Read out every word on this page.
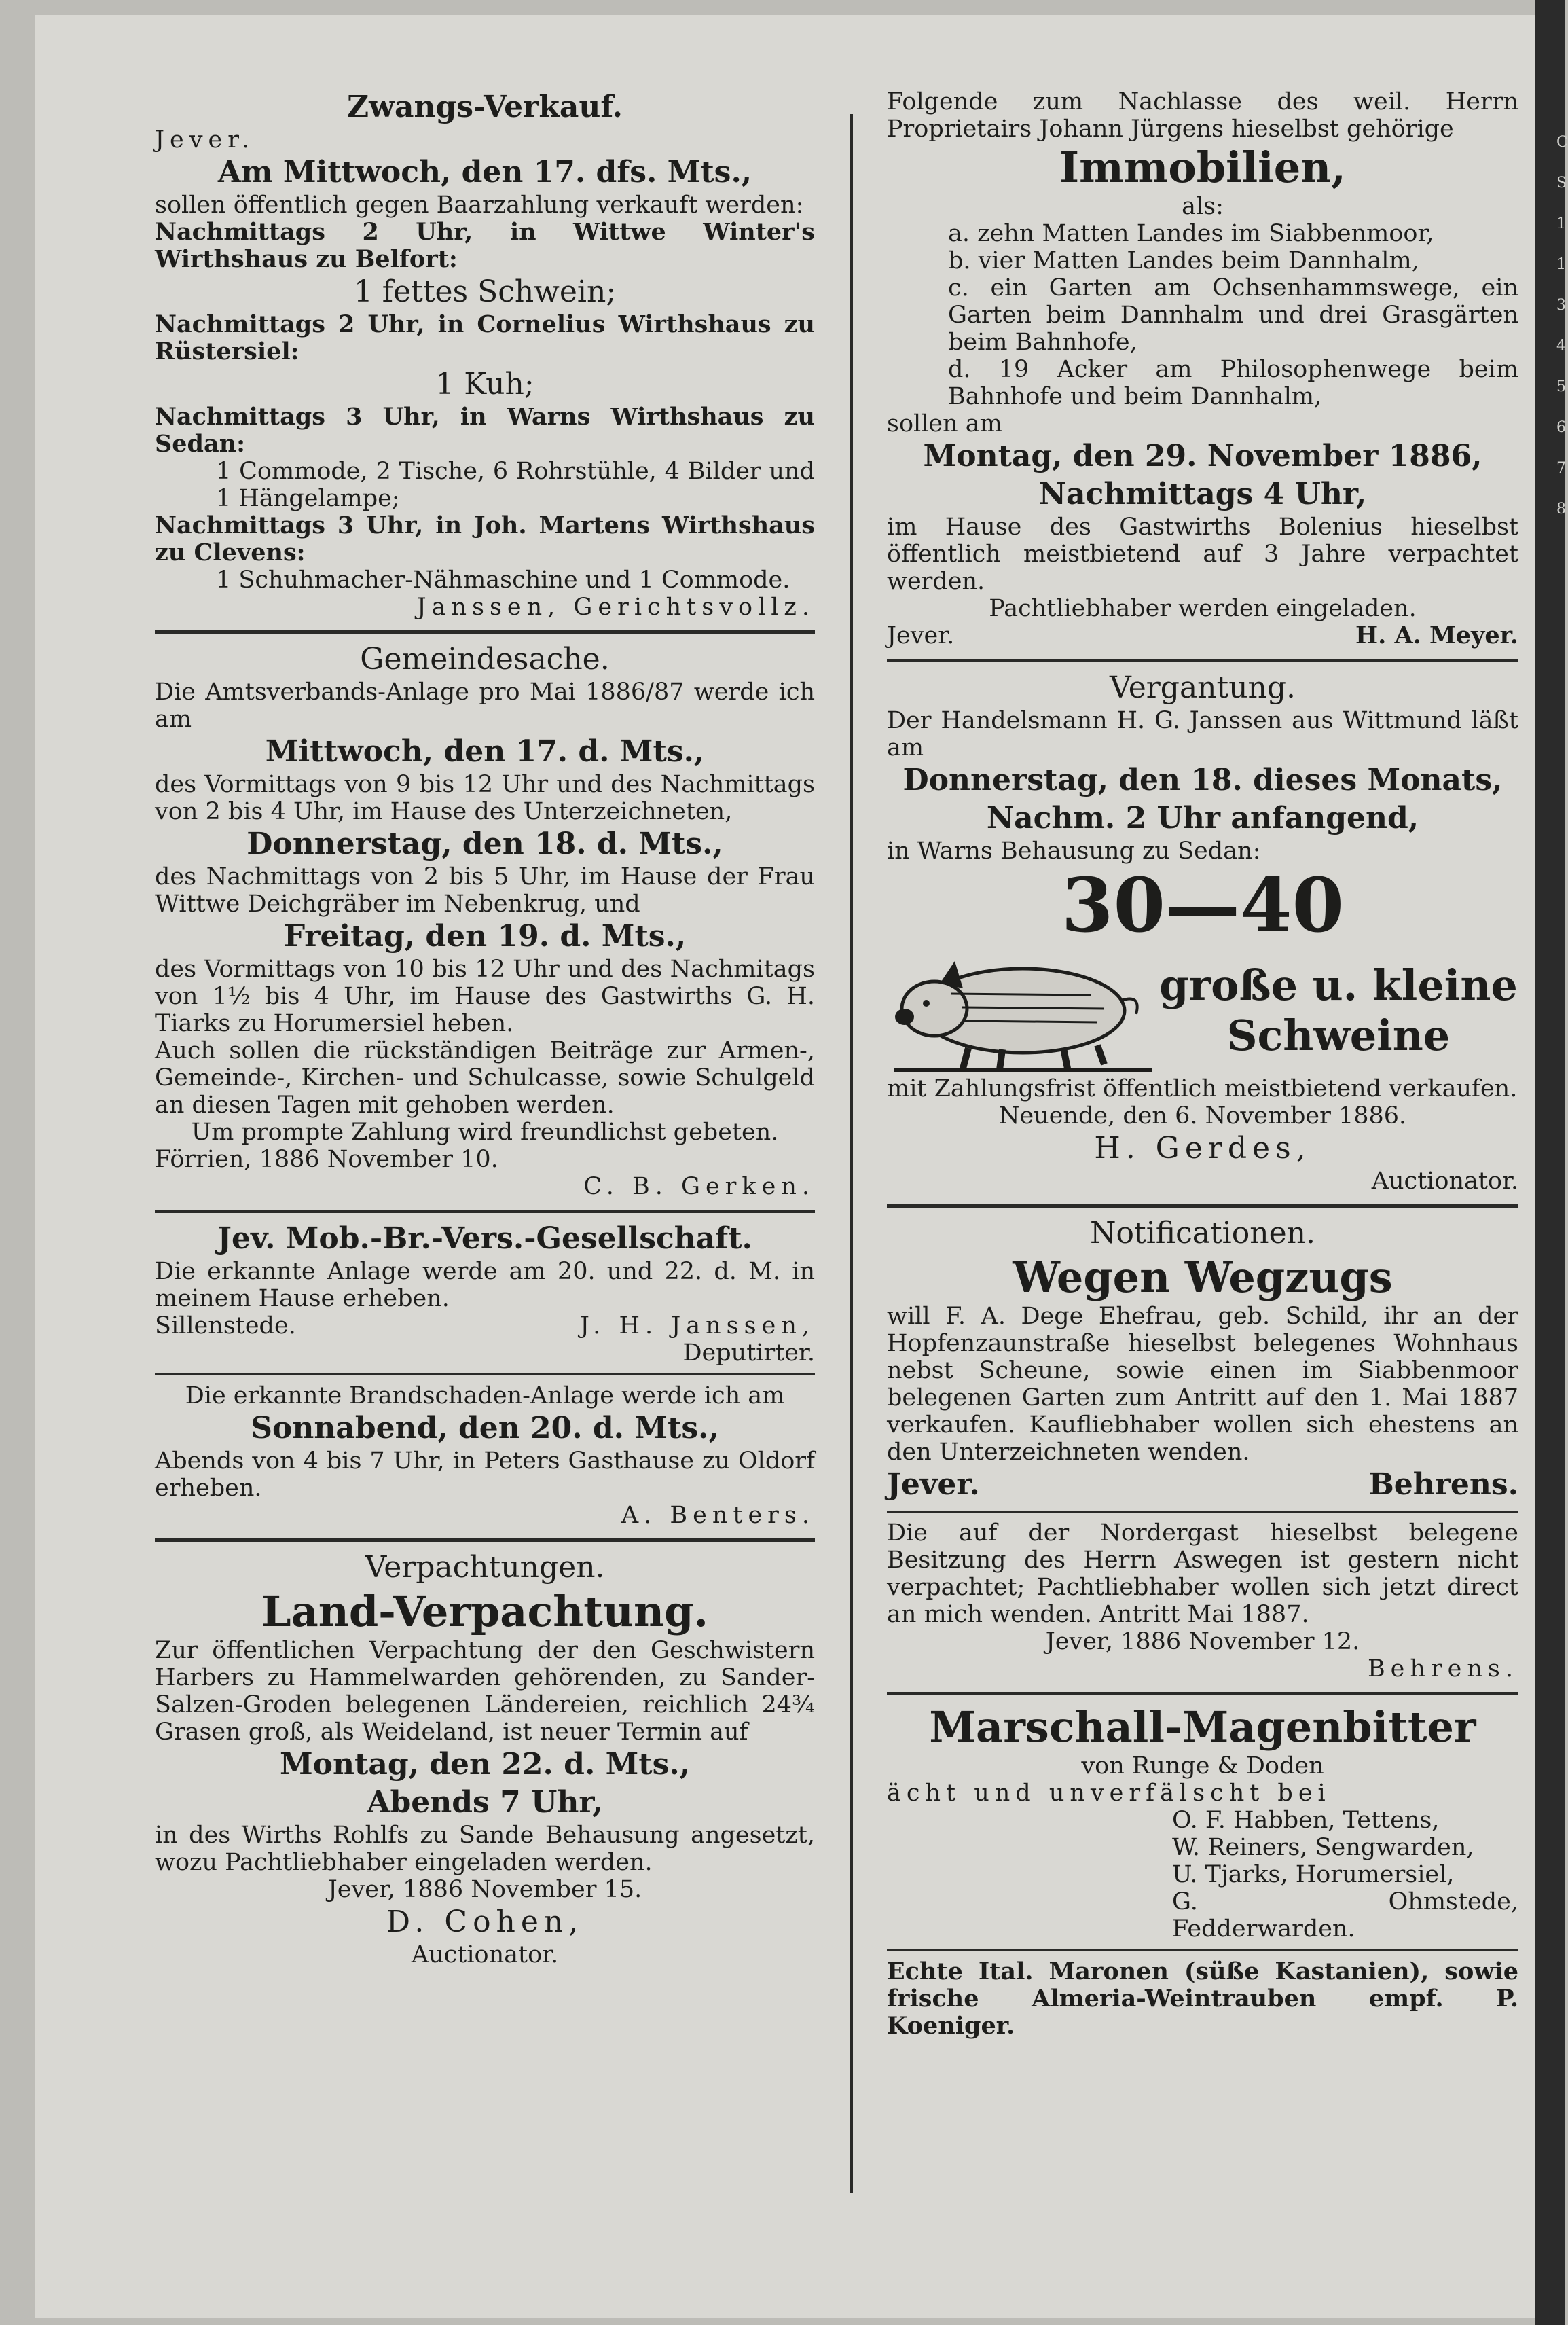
C
S
1
1
3
4
5
6
7
8
Zwangs-Verkauf.
Jever.
Am Mittwoch, den 17. dfs. Mts.,

sollen öffentlich gegen Baarzahlung verkauft werden:

Nachmittags 2 Uhr, in Wittwe Winter's Wirthshaus zu Belfort:

1 fettes Schwein;

Nachmittags 2 Uhr, in Cornelius Wirthshaus zu Rüstersiel:

1 Kuh;

Nachmittags 3 Uhr, in Warns Wirthshaus zu Sedan:

1 Commode, 2 Tische, 6 Rohrstühle, 4 Bilder und 1 Hängelampe;

Nachmittags 3 Uhr, in Joh. Martens Wirthshaus zu Clevens:

1 Schuhmacher-Nähmaschine und 1 Commode.

Janssen, Gerichtsvollz.
Gemeindesache.

Die Amtsverbands-Anlage pro Mai 1886/87 werde ich am

Mittwoch, den 17. d. Mts.,

des Vormittags von 9 bis 12 Uhr und des Nachmittags von 2 bis 4 Uhr, im Hause des Unterzeichneten,

Donnerstag, den 18. d. Mts.,

des Nachmittags von 2 bis 5 Uhr, im Hause der Frau Wittwe Deichgräber im Nebenkrug, und

Freitag, den 19. d. Mts.,

des Vormittags von 10 bis 12 Uhr und des Nachmitags von 1½ bis 4 Uhr, im Hause des Gastwirths G. H. Tiarks zu Horumersiel heben.

Auch sollen die rückständigen Beiträge zur Armen-, Gemeinde-, Kirchen- und Schulcasse, sowie Schulgeld an diesen Tagen mit gehoben werden.

Um prompte Zahlung wird freundlichst gebeten.

Förrien, 1886 November 10.
C. B. Gerken.
Jev. Mob.-Br.-Vers.-Gesellschaft.

Die erkannte Anlage werde am 20. und 22. d. M. in meinem Hause erheben.

Sillenstede.	J. H. Janssen,
Deputirter.

Die erkannte Brandschaden-Anlage werde ich am

Sonnabend, den 20. d. Mts.,

Abends von 4 bis 7 Uhr, in Peters Gasthause zu Oldorf erheben.

A. Benters.
Verpachtungen.
Land-Verpachtung.

Zur öffentlichen Verpachtung der den Geschwistern Harbers zu Hammelwarden gehörenden, zu Sander-Salzen-Groden belegenen Ländereien, reichlich 24¾ Grasen groß, als Weideland, ist neuer Termin auf

Montag, den 22. d. Mts.,
Abends 7 Uhr,

in des Wirths Rohlfs zu Sande Behausung angesetzt, wozu Pachtliebhaber eingeladen werden.

Jever, 1886 November 15.
D. Cohen,
Auctionator.

Folgende zum Nachlasse des weil. Herrn Proprietairs Johann Jürgens hieselbst gehörige

Immobilien,
als:

a. zehn Matten Landes im Siabbenmoor,

b. vier Matten Landes beim Dannhalm,

c. ein Garten am Ochsenhammswege, ein Garten beim Dannhalm und drei Grasgärten beim Bahnhofe,

d. 19 Acker am Philosophenwege beim Bahnhofe und beim Dannhalm,

sollen am
Montag, den 29. November 1886,
Nachmittags 4 Uhr,

im Hause des Gastwirths Bolenius hieselbst öffentlich meistbietend auf 3 Jahre verpachtet werden.

Pachtliebhaber werden eingeladen.

Jever.	H. A. Meyer.
Vergantung.

Der Handelsmann H. G. Janssen aus Wittmund läßt am

Donnerstag, den 18. dieses Monats,
Nachm. 2 Uhr anfangend,
in Warns Behausung zu Sedan:
30—40
große u. kleine
Schweine

mit Zahlungsfrist öffentlich meistbietend verkaufen.

Neuende, den 6. November 1886.
H. Gerdes,
Auctionator.
Notificationen.
Wegen Wegzugs

will F. A. Dege Ehefrau, geb. Schild, ihr an der Hopfenzaunstraße hieselbst belegenes Wohnhaus nebst Scheune, sowie einen im Siabbenmoor belegenen Garten zum Antritt auf den 1. Mai 1887 verkaufen. Kaufliebhaber wollen sich ehestens an den Unterzeichneten wenden.

Jever.	Behrens.

Die auf der Nordergast hieselbst belegene Besitzung des Herrn Aswegen ist gestern nicht verpachtet; Pachtliebhaber wollen sich jetzt direct an mich wenden. Antritt Mai 1887.

Jever, 1886 November 12.
Behrens.
Marschall-Magenbitter
von Runge & Doden
ächt und unverfälscht bei

O. F. Habben, Tettens,

W. Reiners, Sengwarden,

U. Tjarks, Horumersiel,

G. Ohmstede, Fedderwarden.

Echte Ital. Maronen (süße Kastanien), sowie frische Almeria-Weintrauben empf. P. Koeniger.
